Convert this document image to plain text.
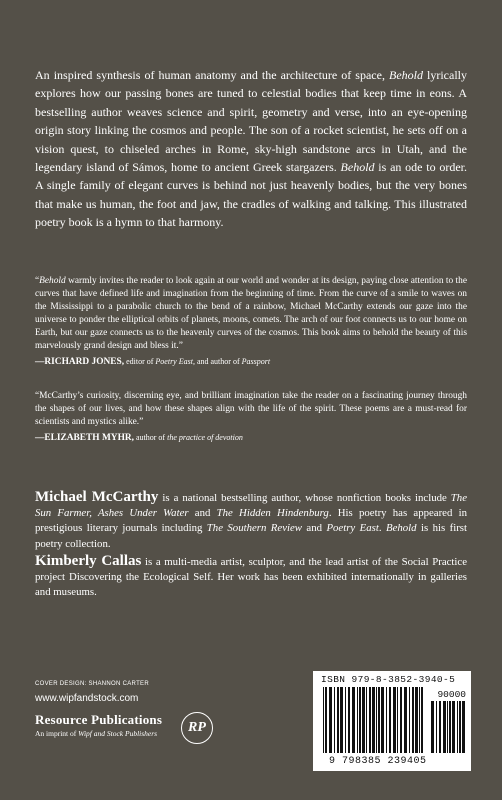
An inspired synthesis of human anatomy and the architecture of space, Behold lyrically explores how our passing bones are tuned to celestial bodies that keep time in eons. A bestselling author weaves science and spirit, geometry and verse, into an eye-opening origin story linking the cosmos and people. The son of a rocket scientist, he sets off on a vision quest, to chiseled arches in Rome, sky-high sandstone arcs in Utah, and the legendary island of Sámos, home to ancient Greek stargazers. Behold is an ode to order. A single family of elegant curves is behind not just heavenly bodies, but the very bones that make us human, the foot and jaw, the cradles of walking and talking. This illustrated poetry book is a hymn to that harmony.

“Behold warmly invites the reader to look again at our world and wonder at its design, paying close attention to the curves that have defined life and imagination from the beginning of time. From the curve of a smile to waves on the Mississippi to a parabolic church to the bend of a rainbow, Michael McCarthy extends our gaze into the universe to ponder the elliptical orbits of planets, moons, comets. The arch of our foot connects us to our home on Earth, but our gaze connects us to the heavenly curves of the cosmos. This book aims to behold the beauty of this marvelously grand design and bless it.”

—RICHARD JONES, editor of Poetry East, and author of Passport

“McCarthy’s curiosity, discerning eye, and brilliant imagination take the reader on a fascinating journey through the shapes of our lives, and how these shapes align with the life of the spirit. These poems are a must-read for scientists and mystics alike.”

—ELIZABETH MYHR, author of the practice of devotion

Michael McCarthy is a national bestselling author, whose nonfiction books include The Sun Farmer, Ashes Under Water and The Hidden Hindenburg. His poetry has appeared in prestigious literary journals including The Southern Review and Poetry East. Behold is his first poetry collection.

Kimberly Callas is a multi-media artist, sculptor, and the lead artist of the Social Practice project Discovering the Ecological Self. Her work has been exhibited internationally in galleries and museums.

COVER DESIGN: SHANNON CARTER
www.wipfandstock.com
Resource Publications
An imprint of Wipf and Stock Publishers	RP
ISBN 979-8-3852-3940-5
90000
9 798385 239405
